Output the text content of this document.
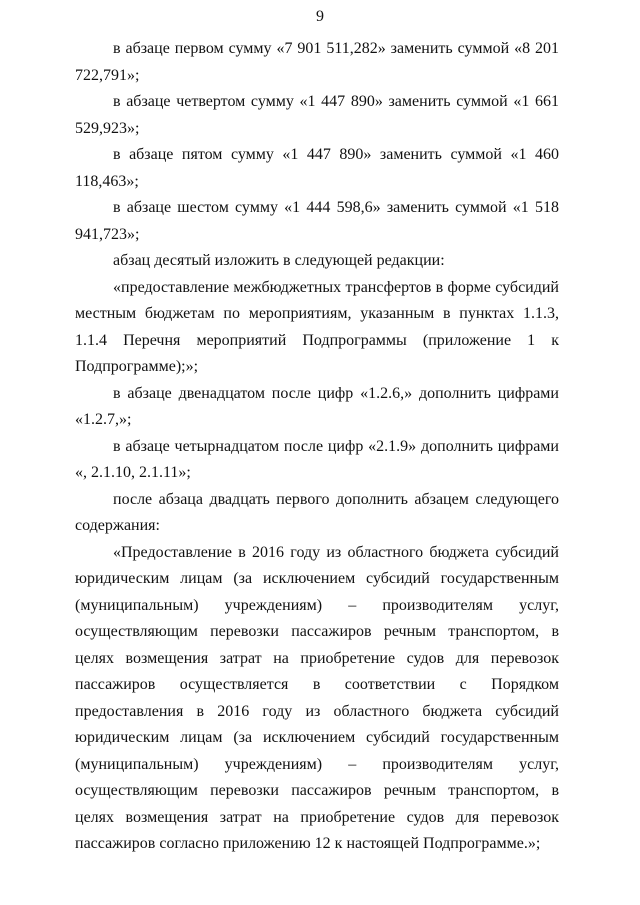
9

в абзаце первом сумму «7 901 511,282» заменить суммой «8 201 722,791»;

в абзаце четвертом сумму «1 447 890» заменить суммой «1 661 529,923»;

в абзаце пятом сумму «1 447 890» заменить суммой «1 460 118,463»;

в абзаце шестом сумму «1 444 598,6» заменить суммой «1 518 941,723»;

абзац десятый изложить в следующей редакции:

«предоставление межбюджетных трансфертов в форме субсидий местным бюджетам по мероприятиям, указанным в пунктах 1.1.3, 1.1.4 Перечня мероприятий Подпрограммы (приложение 1 к Подпрограмме);»;

в абзаце двенадцатом после цифр «1.2.6,» дополнить цифрами «1.2.7,»;

в абзаце четырнадцатом после цифр «2.1.9» дополнить цифрами «, 2.1.10, 2.1.11»;

после абзаца двадцать первого дополнить абзацем следующего содержания:

«Предоставление в 2016 году из областного бюджета субсидий юридическим лицам (за исключением субсидий государственным (муниципальным) учреждениям) – производителям услуг, осуществляющим перевозки пассажиров речным транспортом, в целях возмещения затрат на приобретение судов для перевозок пассажиров осуществляется в соответствии с Порядком предоставления в 2016 году из областного бюджета субсидий юридическим лицам (за исключением субсидий государственным (муниципальным) учреждениям) – производителям услуг, осуществляющим перевозки пассажиров речным транспортом, в целях возмещения затрат на приобретение судов для перевозок пассажиров согласно приложению 12 к настоящей Подпрограмме.»;
